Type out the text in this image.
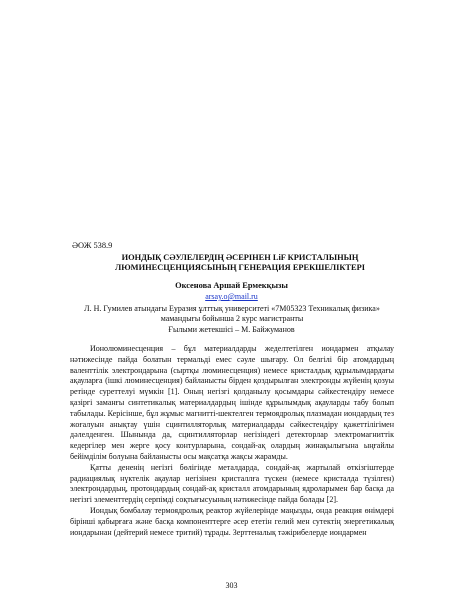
ӘОЖ 538.9
ИОНДЫҚ СӘУЛЕЛЕРДІҢ ӘСЕРІНЕН LiF КРИСТАЛЫНЫҢ ЛЮМИНЕСЦЕНЦИЯСЫНЫҢ ГЕНЕРАЦИЯ ЕРЕКШЕЛІКТЕРІ
Оксенова Аршай Ермекқызы
arsay.o@mail.ru
Л. Н. Гумилев атындағы Еуразия ұлттық университеті «7М05323 Техникалық физика» мамандығы бойынша 2 курс магистранты
Ғылыми жетекшісі – М. Байжуманов

Ионолюминесценция – бұл материалдарды жеделтетілген иондармен атқылау нәтижесінде пайда болатын термальді емес сәуле шығару. Ол белгілі бір атомдардың валенттілік электрондарына (сыртқы люминесценция) немесе кристалдық құрылымдардағы ақауларға (ішкі люминесценция) байланысты бірден қоздырылған электронды жүйенің қозуы ретінде суреттелуі мүмкін [1]. Оның негізгі қолданылу қосымдары сәйкестендіру немесе қазіргі заманғы синтетикалық материалдардың ішінде құрылымдық ақауларды табу болып табылады. Керісінше, бұл жұмыс магнитті-шектелген термоядролық плазмадан иондардың тез жоғалуын анықтау үшін сцинтилляторлық материалдарды сәйкестендіру қажеттілігімен дәлелденген. Шынында да, сцинтилляторлар негізіндегі детекторлар электромагниттік кедергілер мен жерге қосу контурларына, сондай-ақ олардың жинақылығына ыңғайлы бейімділім болуына байланысты осы мақсатқа жақсы жарамды.

Қатты дененің негізгі бөлігінде металдарда, сондай-ақ жартылай өткізгіштерде радиациялық нүктелік ақаулар негізінен кристаллға түскен (немесе кристалда түзілген) электрондардың, протондардың сондай-ақ кристалл атомдарының ядроларымен бар басқа да негізгі элементтердің серпімді соқтығысуының нәтижесінде пайда болады [2].

Иондық бомбалау термоядролық реактор жүйелерінде маңызды, онда реакция өнімдері бірінші қабырғаға және басқа компоненттерге әсер ететін гелий мен сутектің энергетикалық иондарынан (дейтерий немесе тритий) тұрады. Зерттеналық тәжірибелерде иондармен

303
